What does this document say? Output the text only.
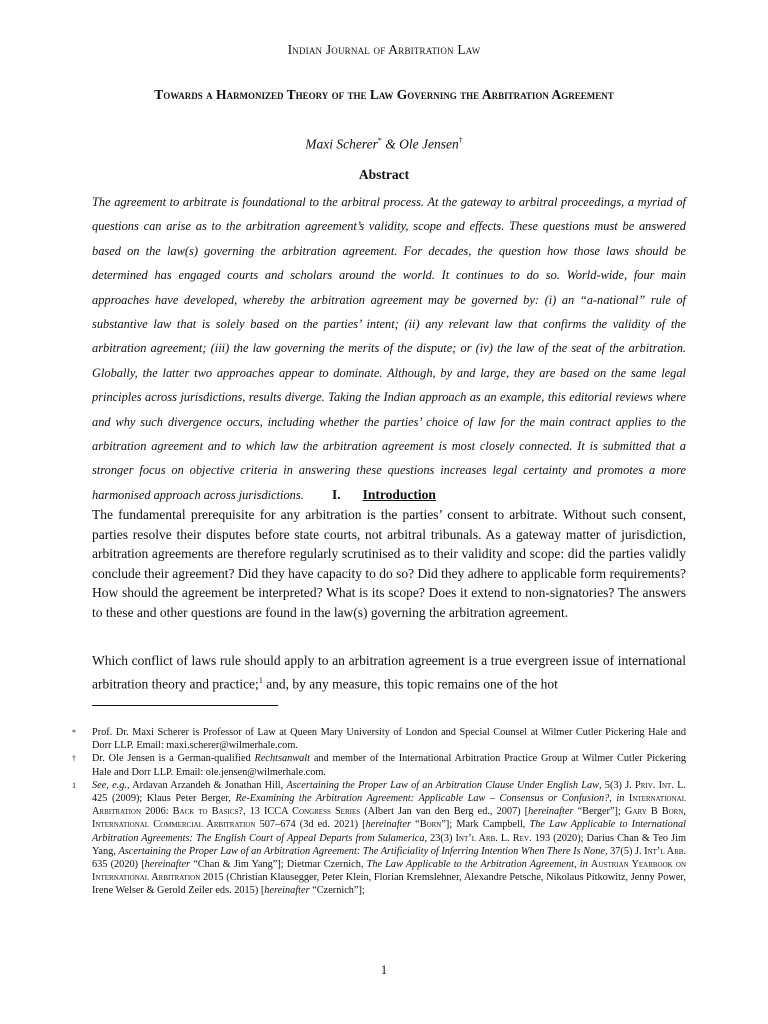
Indian Journal of Arbitration Law
Towards a Harmonized Theory of the Law Governing the Arbitration Agreement
Maxi Scherer* & Ole Jensen†
Abstract
The agreement to arbitrate is foundational to the arbitral process. At the gateway to arbitral proceedings, a myriad of questions can arise as to the arbitration agreement’s validity, scope and effects. These questions must be answered based on the law(s) governing the arbitration agreement. For decades, the question how those laws should be determined has engaged courts and scholars around the world. It continues to do so. World-wide, four main approaches have developed, whereby the arbitration agreement may be governed by: (i) an “a-national” rule of substantive law that is solely based on the parties’ intent; (ii) any relevant law that confirms the validity of the arbitration agreement; (iii) the law governing the merits of the dispute; or (iv) the law of the seat of the arbitration. Globally, the latter two approaches appear to dominate. Although, by and large, they are based on the same legal principles across jurisdictions, results diverge. Taking the Indian approach as an example, this editorial reviews where and why such divergence occurs, including whether the parties’ choice of law for the main contract applies to the arbitration agreement and to which law the arbitration agreement is most closely connected. It is submitted that a stronger focus on objective criteria in answering these questions increases legal certainty and promotes a more harmonised approach across jurisdictions.	I. Introduction
The fundamental prerequisite for any arbitration is the parties’ consent to arbitrate. Without such consent, parties resolve their disputes before state courts, not arbitral tribunals. As a gateway matter of jurisdiction, arbitration agreements are therefore regularly scrutinised as to their validity and scope: did the parties validly conclude their agreement? Did they have capacity to do so? Did they adhere to applicable form requirements? How should the agreement be interpreted? What is its scope? Does it extend to non-signatories? The answers to these and other questions are found in the law(s) governing the arbitration agreement.
Which conflict of laws rule should apply to an arbitration agreement is a true evergreen issue of international arbitration theory and practice;$^1$ and, by any measure, this topic remains one of the hot
* Prof. Dr. Maxi Scherer is Professor of Law at Queen Mary University of London and Special Counsel at Wilmer Cutler Pickering Hale and Dorr LLP. Email: maxi.scherer@wilmerhale.com.
† Dr. Ole Jensen is a German-qualified Rechtsanwalt and member of the International Arbitration Practice Group at Wilmer Cutler Pickering Hale and Dorr LLP. Email: ole.jensen@wilmerhale.com.
1 See, e.g., Ardavan Arzandeh & Jonathan Hill, Ascertaining the Proper Law of an Arbitration Clause Under English Law, 5(3) J. Priv. Int. L. 425 (2009); Klaus Peter Berger, Re-Examining the Arbitration Agreement: Applicable Law – Consensus or Confusion?, in International Arbitration 2006: Back to Basics?, 13 ICCA Congress Series (Albert Jan van den Berg ed., 2007) [hereinafter “Berger”]; Gary B Born, International Commercial Arbitration 507–674 (3d ed. 2021) [hereinafter “Born”]; Mark Campbell, The Law Applicable to International Arbitration Agreements: The English Court of Appeal Departs from Sulamerica, 23(3) Int’l Arb. L. Rev. 193 (2020); Darius Chan & Teo Jim Yang, Ascertaining the Proper Law of an Arbitration Agreement: The Artificiality of Inferring Intention When There Is None, 37(5) J. Int’l Arb. 635 (2020) [hereinafter “Chan & Jim Yang”]; Dietmar Czernich, The Law Applicable to the Arbitration Agreement, in Austrian Yearbook on International Arbitration 2015 (Christian Klausegger, Peter Klein, Florian Kremslehner, Alexandre Petsche, Nikolaus Pitkowitz, Jenny Power, Irene Welser & Gerold Zeiler eds. 2015) [hereinafter “Czernich”];
1
